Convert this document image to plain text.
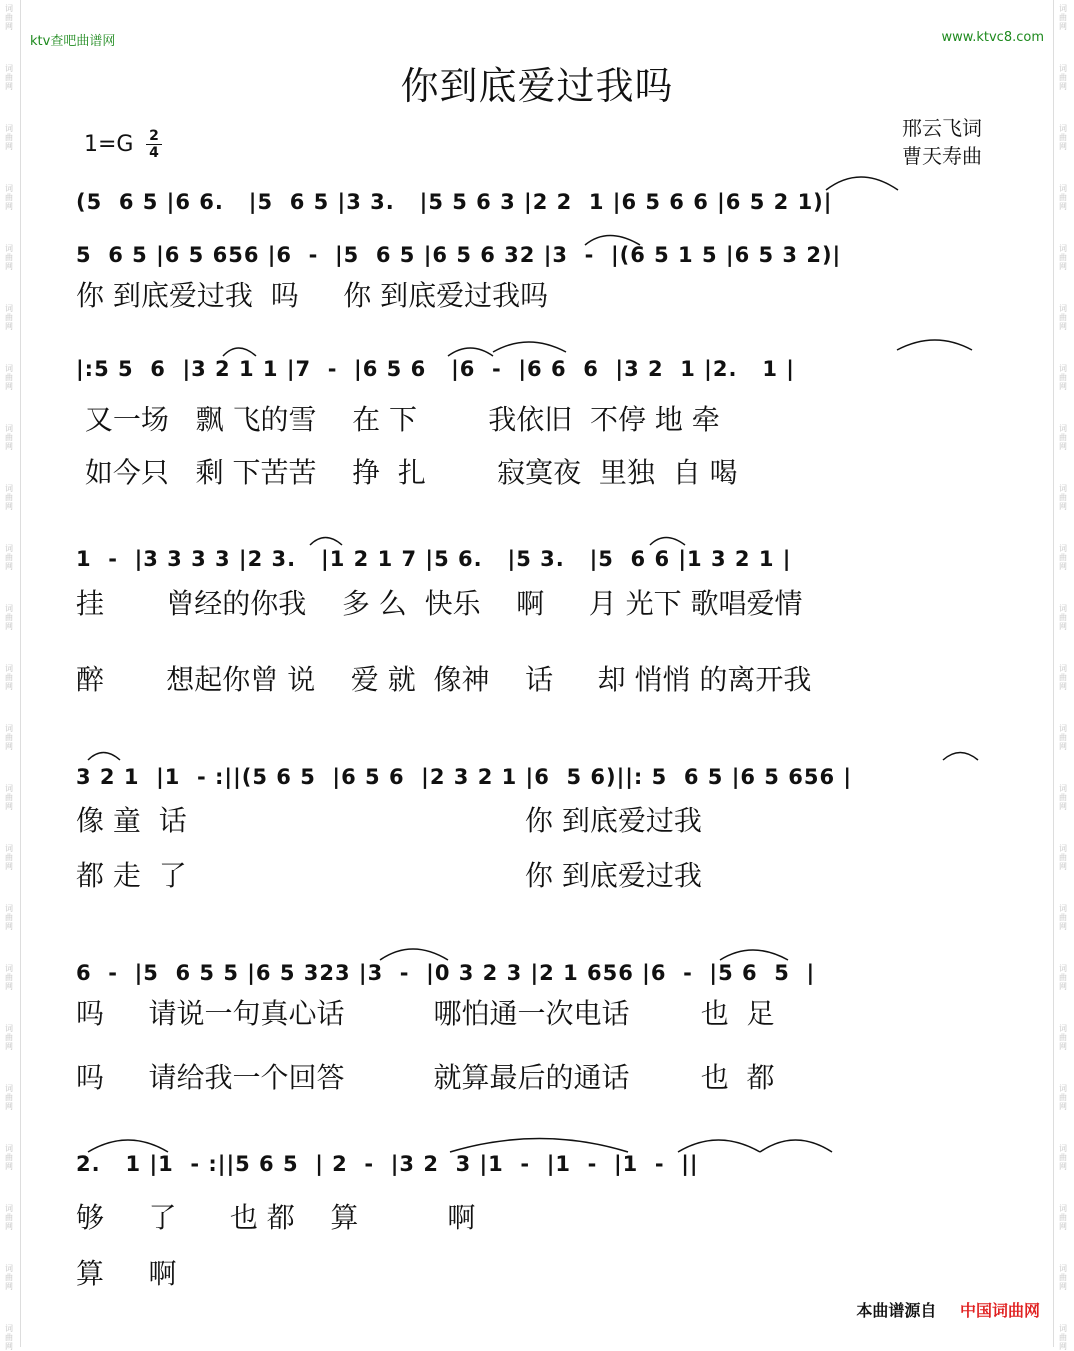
词
曲
网
词
曲
网
词
曲
网
词
曲
网
词
曲
网
词
曲
网
词
曲
网
词
曲
网
词
曲
网
词
曲
网
词
曲
网
词
曲
网
词
曲
网
词
曲
网
词
曲
网
词
曲
网
词
曲
网
词
曲
网
词
曲
网
词
曲
网
词
曲
网
词
曲
网
词
曲
网
词
曲
网
词
曲
网
词
曲
网
词
曲
网
词
曲
网
词
曲
网
词
曲
网
词
曲
网
词
曲
网
词
曲
网
词
曲
网
词
曲
网
词
曲
网
词
曲
网
词
曲
网
词
曲
网
词
曲
网
词
曲
网
词
曲
网
词
曲
网
词
曲
网
词
曲
网
词
曲
网
ktv查吧曲谱网	www.ktvc8.com
你到底爱过我吗
邢云飞词
曹天寿曲
1=G 2
4
(5  6 5 |6 6.   |5  6 5 |3 3.   |5 5 6 3 |2 2  1 |6 5 6 6 |6 5 2 1)|
5  6 5 |6 5 656 |6  -  |5  6 5 |6 5 6 32 |3  -  |(6 5 1 5 |6 5 3 2)|
你 到底爱过我  吗     你 到底爱过我吗
|:5 5  6  |3 2 1 1 |7  -  |6 5 6   |6  -  |6 6  6  |3 2  1 |2.   1 |
又一场   飘 飞的雪    在 下        我依旧  不停 地 牵
如今只   剩 下苦苦    挣  扎        寂寞夜  里独  自 喝
1  -  |3 3 3 3 |2 3.   |1 2 1 7 |5 6.   |5 3.   |5  6 6 |1 3 2 1 |
挂       曾经的你我    多 么  快乐    啊     月 光下 歌唱爱情
醉       想起你曾 说    爱 就  像神    话     却 悄悄 的离开我
3 2 1  |1  - :||(5 6 5  |6 5 6  |2 3 2 1 |6  5 6)||: 5  6 5 |6 5 656 |
像 童  话                                      你 到底爱过我
都 走  了                                      你 到底爱过我
6  -  |5  6 5 5 |6 5 323 |3  -  |0 3 2 3 |2 1 656 |6  -  |5 6  5  |
吗     请说一句真心话          哪怕通一次电话        也  足
吗     请给我一个回答          就算最后的通话        也  都
2.   1 |1  - :||5 6 5  | 2  -  |3 2  3 |1  -  |1  -  |1  -  ||
够     了      也 都    算          啊
算     啊
本曲谱源自 中国词曲网
